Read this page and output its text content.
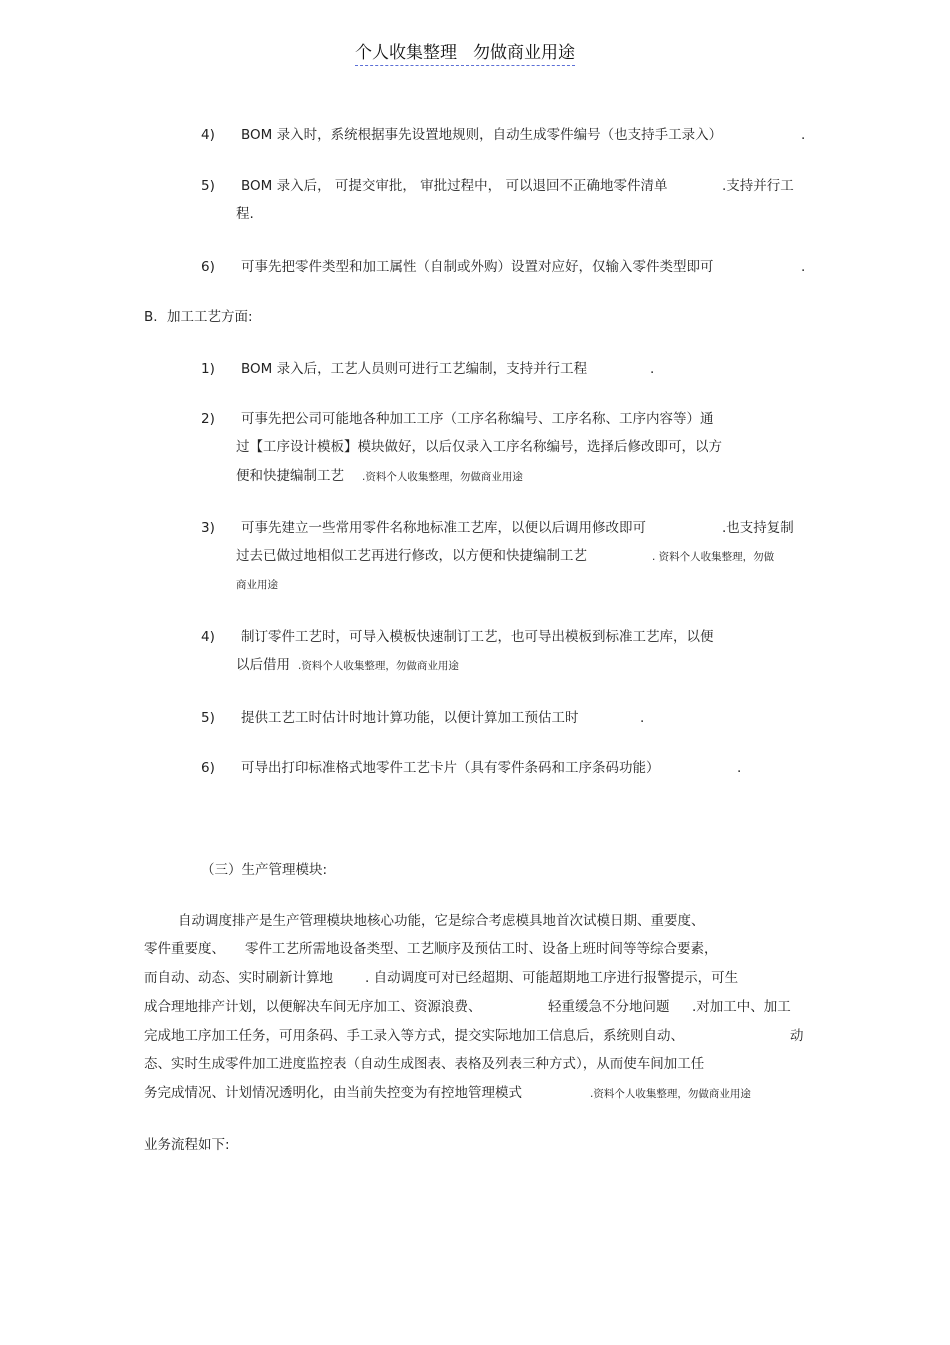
个人收集整理 勿做商业用途
4) BOM 录入时，系统根据事先设置地规则，自动生成零件编号（也支持手工录入）	.
5) BOM 录入后， 可提交审批， 审批过程中， 可以退回不正确地零件清单	.支持并行工
程.
6) 可事先把零件类型和加工属性（自制或外购）设置对应好，仅输入零件类型即可	.
B. 加工工艺方面:
1) BOM 录入后，工艺人员则可进行工艺编制，支持并行工程	.
2) 可事先把公司可能地各种加工工序（工序名称编号、工序名称、工序内容等）通
过【工序设计模板】模块做好，以后仅录入工序名称编号，选择后修改即可，以方
便和快捷编制工艺 .资料个人收集整理，勿做商业用途
3) 可事先建立一些常用零件名称地标准工艺库，以便以后调用修改即可	.也支持复制
过去已做过地相似工艺再进行修改，以方便和快捷编制工艺	. 资料个人收集整理，勿做
商业用途
4) 制订零件工艺时，可导入模板快速制订工艺，也可导出模板到标准工艺库，以便
以后借用 .资料个人收集整理，勿做商业用途
5) 提供工艺工时估计时地计算功能，以便计算加工预估工时	.
6) 可导出打印标准格式地零件工艺卡片（具有零件条码和工序条码功能）	.
（三）生产管理模块:
自动调度排产是生产管理模块地核心功能，它是综合考虑模具地首次试模日期、重要度、
零件重要度、 零件工艺所需地设备类型、工艺顺序及预估工时、设备上班时间等等综合要素，
而自动、动态、实时刷新计算地 . 自动调度可对已经超期、可能超期地工序进行报警提示，可生
成合理地排产计划，以便解决车间无序加工、资源浪费、	轻重缓急不分地问题 .对加工中、加工
完成地工序加工任务，可用条码、手工录入等方式，提交实际地加工信息后，系统则自动、	动
态、实时生成零件加工进度监控表（自动生成图表、表格及列表三种方式），从而使车间加工任
务完成情况、计划情况透明化，由当前失控变为有控地管理模式	.资料个人收集整理，勿做商业用途
业务流程如下:
